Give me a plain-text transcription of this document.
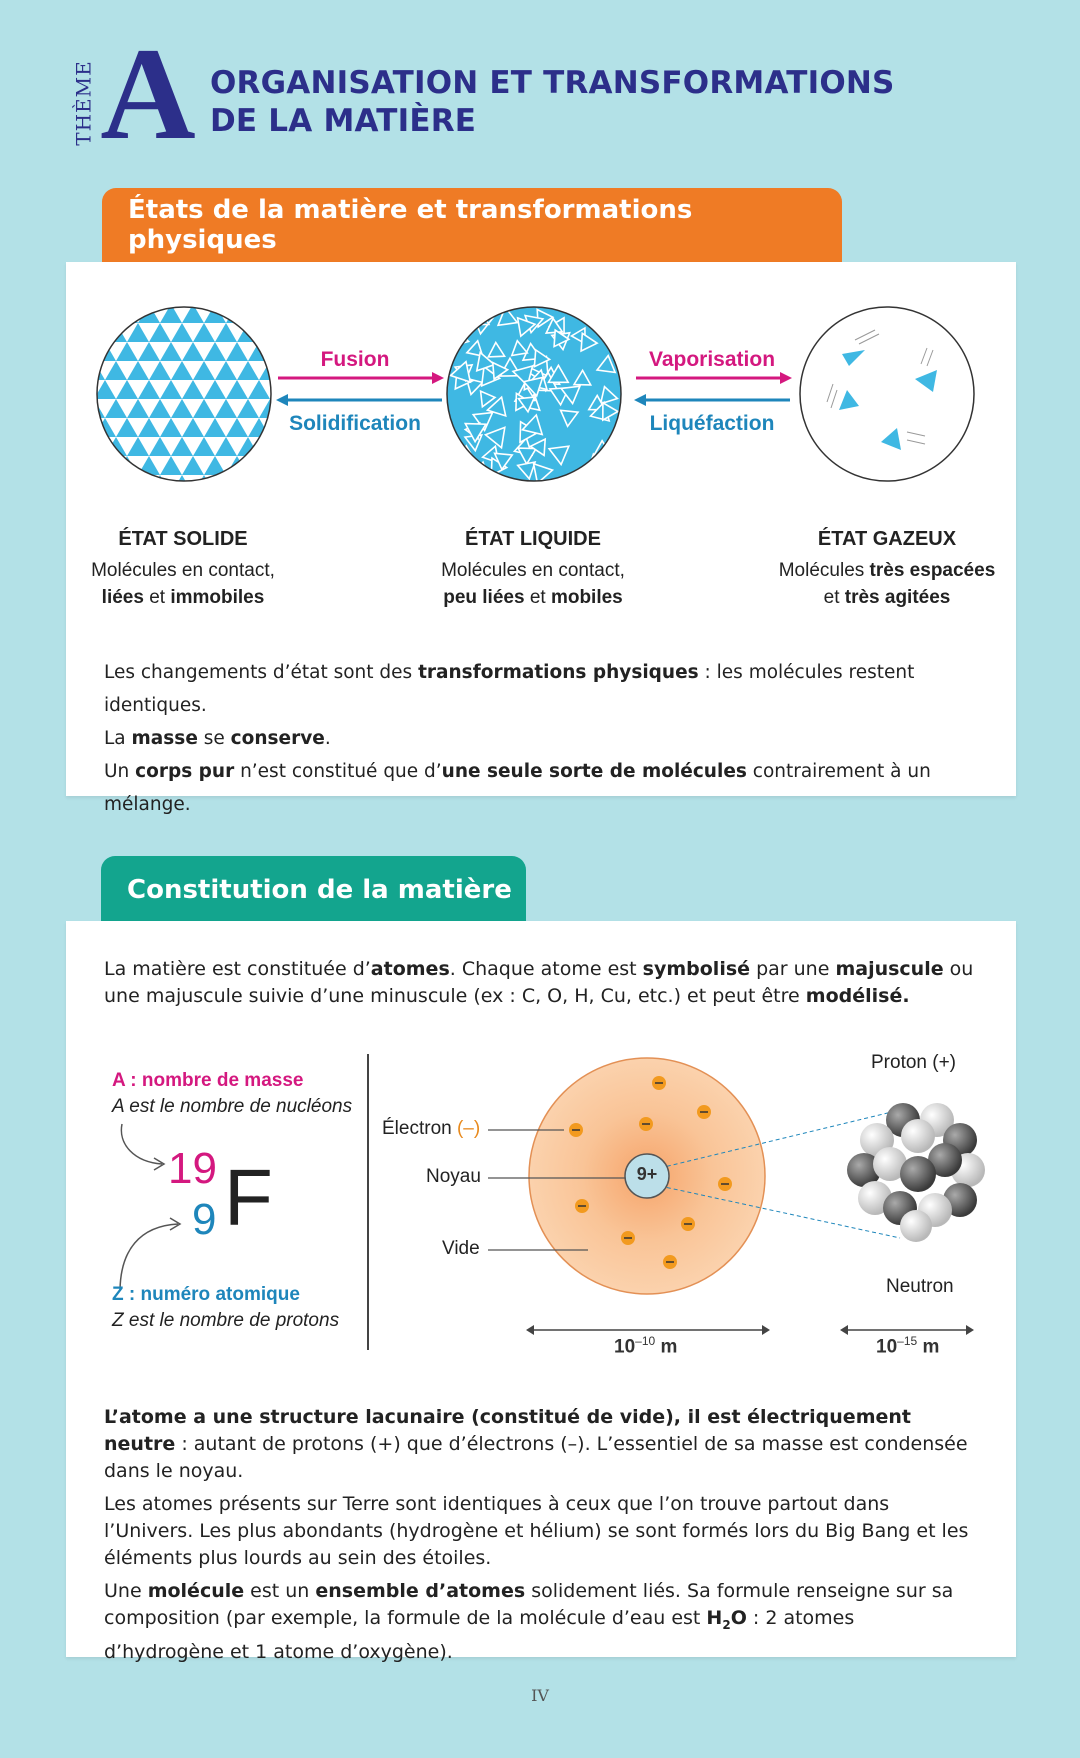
THÈME A ORGANISATION ET TRANSFORMATIONS
DE LA MATIÈRE
États de la matière et transformations physiques
Fusion
Solidification
Vaporisation
Liquéfaction
ÉTAT SOLIDE
Molécules en contact,
liées et immobiles
ÉTAT LIQUIDE
Molécules en contact,
peu liées et mobiles
ÉTAT GAZEUX
Molécules très espacées
et très agitées
Les changements d’état sont des transformations physiques : les molécules restent identiques.
La masse se conserve.
Un corps pur n’est constitué que d’une seule sorte de molécules contrairement à un mélange.
Constitution de la matière
La matière est constituée d’atomes. Chaque atome est symbolisé par une majuscule ou une majuscule suivie d’une minuscule (ex : C, O, H, Cu, etc.) et peut être modélisé.
A : nombre de masse
A est le nombre de nucléons
19
9 F
Z : numéro atomique
Z est le nombre de protons
Électron (–)
Noyau
Vide
9+
Proton (+)
Neutron
$10^{-10}$ m	$10^{-15}$ m

L’atome a une structure lacunaire (constitué de vide), il est électriquement neutre : autant de protons (+) que d’électrons (–). L’essentiel de sa masse est condensée dans le noyau.

Les atomes présents sur Terre sont identiques à ceux que l’on trouve partout dans l’Univers. Les plus abondants (hydrogène et hélium) se sont formés lors du Big Bang et les éléments plus lourds au sein des étoiles.

Une molécule est un ensemble d’atomes solidement liés. Sa formule renseigne sur sa composition (par exemple, la formule de la molécule d’eau est $H_2O$ : 2 atomes d’hydrogène et 1 atome d’oxygène).

IV
